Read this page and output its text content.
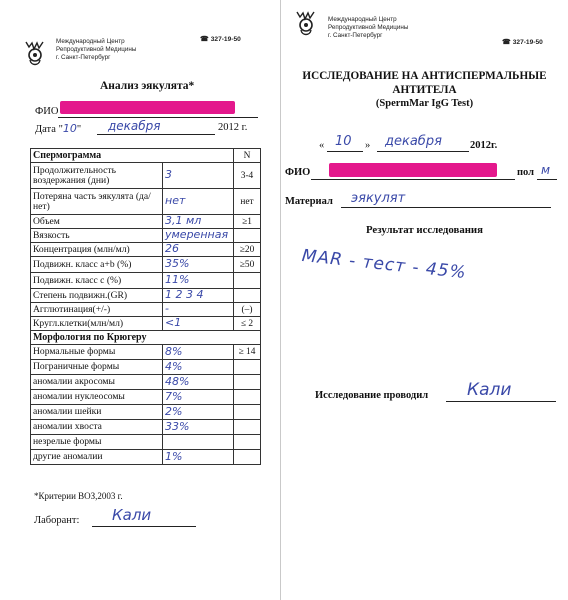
Международный Центр
Репродуктивной Медицины
г. Санкт-Петербург
☎ 327-19-50
Анализ эякулята*
ФИО
Дата "10" декабря	2012 г.
Спермограмма		N
Продолжительность воздержания (дни)	3	3-4
Потеряна часть эякулята (да/ нет)	нет	нет
Объем	3,1 мл	≥1
Вязкость	умеренная	
Концентрация (млн/мл)	26	≥20
Подвижн. класс a+b (%)	35%	≥50
Подвижн. класс c (%)	11%	
Степень подвижн.(GR)	1 2 3 4	
Агглютинация(+/-)	-	(–)
Кругл.клетки(млн/мл)	<1	≤ 2
Морфология по Крюгеру		
Нормальные формы	8%	≥ 14
Пограничные формы	4%	
аномалии акросомы	48%	
аномалии нуклеосомы	7%	
аномалии шейки	2%	
аномалии хвоста	33%	
незрелые формы		
другие аномалии	1%	
*Критерии ВОЗ,2003 г.
Лаборант: Кали
Международный Центр
Репродуктивной Медицины
г. Санкт-Петербург
☎ 327-19-50
ИССЛЕДОВАНИЕ НА АНТИСПЕРМАЛЬНЫЕ
АНТИТЕЛА
(SpermMar IgG Test)
« 10 » декабря	2012г.
ФИО	пол м
Материал эякулят
Результат исследования
MAR - тест - 45%
Исследование проводил Кали
